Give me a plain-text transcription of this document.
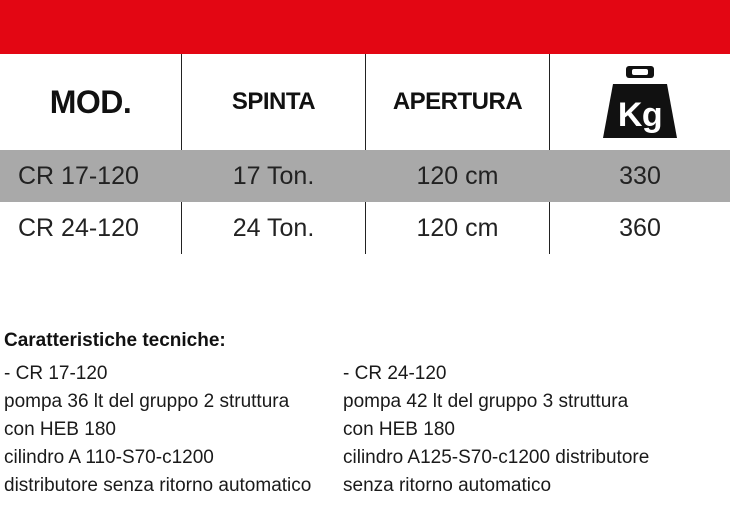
MOD.	SPINTA	APERTURA	Kg
CR 17-120	17 Ton.	120 cm	330
CR 24-120	24 Ton.	120 cm	360
Caratteristiche tecniche:
- CR 17-120
pompa 36 lt del gruppo 2 struttura
con HEB 180
cilindro A 110-S70-c1200
distributore senza ritorno automatico
- CR 24-120
pompa 42 lt del gruppo 3 struttura
con HEB 180
cilindro A125-S70-c1200 distributore
senza ritorno automatico
